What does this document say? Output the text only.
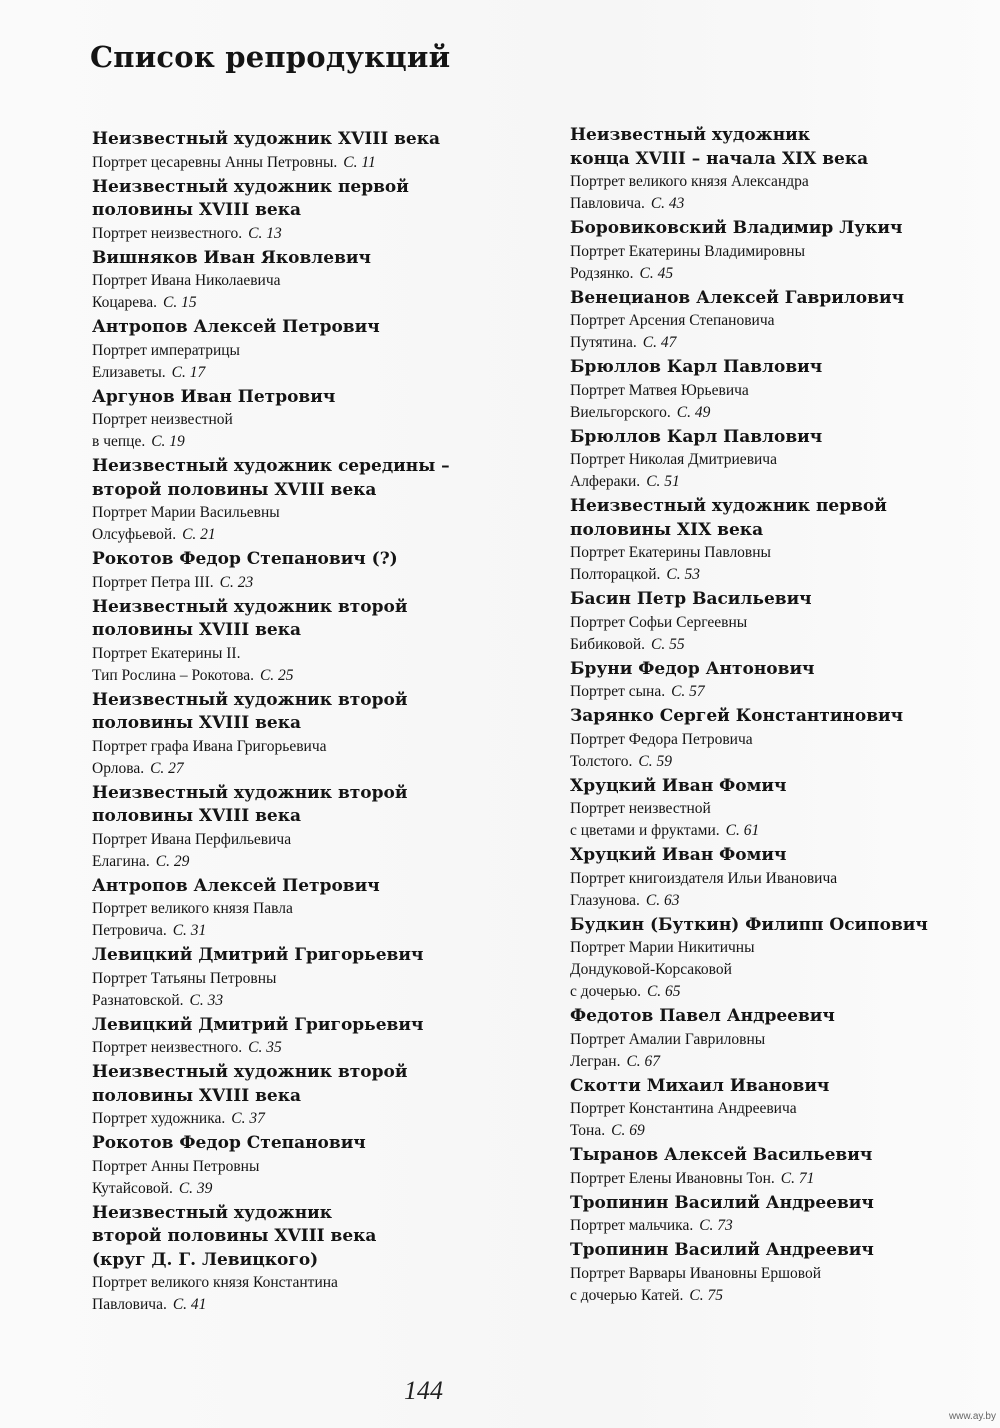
Список репродукций
Неизвестный художник XVIII века
Портрет цесаревны Анны Петровны. С. 11
Неизвестный художник первой
половины XVIII века
Портрет неизвестного. С. 13
Вишняков Иван Яковлевич
Портрет Ивана Николаевича
Коцарева. С. 15
Антропов Алексей Петрович
Портрет императрицы
Елизаветы. С. 17
Аргунов Иван Петрович
Портрет неизвестной
в чепце. С. 19
Неизвестный художник середины –
второй половины XVIII века
Портрет Марии Васильевны
Олсуфьевой. С. 21
Рокотов Федор Степанович (?)
Портрет Петра III. С. 23
Неизвестный художник второй
половины XVIII века
Портрет Екатерины II.
Тип Рослина – Рокотова. С. 25
Неизвестный художник второй
половины XVIII века
Портрет графа Ивана Григорьевича
Орлова. С. 27
Неизвестный художник второй
половины XVIII века
Портрет Ивана Перфильевича
Елагина. С. 29
Антропов Алексей Петрович
Портрет великого князя Павла
Петровича. С. 31
Левицкий Дмитрий Григорьевич
Портрет Татьяны Петровны
Разнатовской. С. 33
Левицкий Дмитрий Григорьевич
Портрет неизвестного. С. 35
Неизвестный художник второй
половины XVIII века
Портрет художника. С. 37
Рокотов Федор Степанович
Портрет Анны Петровны
Кутайсовой. С. 39
Неизвестный художник
второй половины XVIII века
(круг Д. Г. Левицкого)
Портрет великого князя Константина
Павловича. С. 41
Неизвестный художник
конца XVIII – начала XIX века
Портрет великого князя Александра
Павловича. С. 43
Боровиковский Владимир Лукич
Портрет Екатерины Владимировны
Родзянко. С. 45
Венецианов Алексей Гаврилович
Портрет Арсения Степановича
Путятина. С. 47
Брюллов Карл Павлович
Портрет Матвея Юрьевича
Виельгорского. С. 49
Брюллов Карл Павлович
Портрет Николая Дмитриевича
Алфераки. С. 51
Неизвестный художник первой
половины XIX века
Портрет Екатерины Павловны
Полторацкой. С. 53
Басин Петр Васильевич
Портрет Софьи Сергеевны
Бибиковой. С. 55
Бруни Федор Антонович
Портрет сына. С. 57
Зарянко Сергей Константинович
Портрет Федора Петровича
Толстого. С. 59
Хруцкий Иван Фомич
Портрет неизвестной
с цветами и фруктами. С. 61
Хруцкий Иван Фомич
Портрет книгоиздателя Ильи Ивановича
Глазунова. С. 63
Будкин (Буткин) Филипп Осипович
Портрет Марии Никитичны
Дондуковой-Корсаковой
с дочерью. С. 65
Федотов Павел Андреевич
Портрет Амалии Гавриловны
Легран. С. 67
Скотти Михаил Иванович
Портрет Константина Андреевича
Тона. С. 69
Тыранов Алексей Васильевич
Портрет Елены Ивановны Тон. С. 71
Тропинин Василий Андреевич
Портрет мальчика. С. 73
Тропинин Василий Андреевич
Портрет Варвары Ивановны Ершовой
с дочерью Катей. С. 75
144
www.ay.by
